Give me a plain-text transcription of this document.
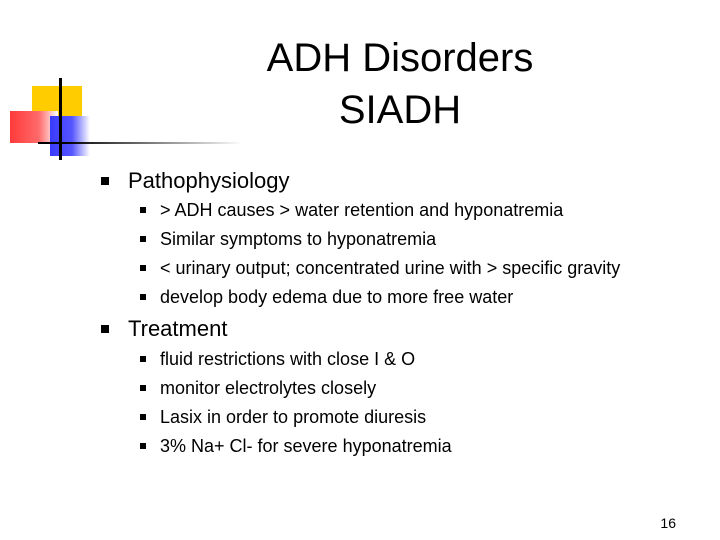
ADH Disorders
SIADH
Pathophysiology
> ADH causes > water retention and hyponatremia
Similar symptoms to hyponatremia
< urinary output; concentrated urine with > specific gravity
develop body edema due to more free water
Treatment
fluid restrictions with close I & O
monitor electrolytes closely
Lasix in order to promote diuresis
3% Na+ Cl- for severe hyponatremia
16
